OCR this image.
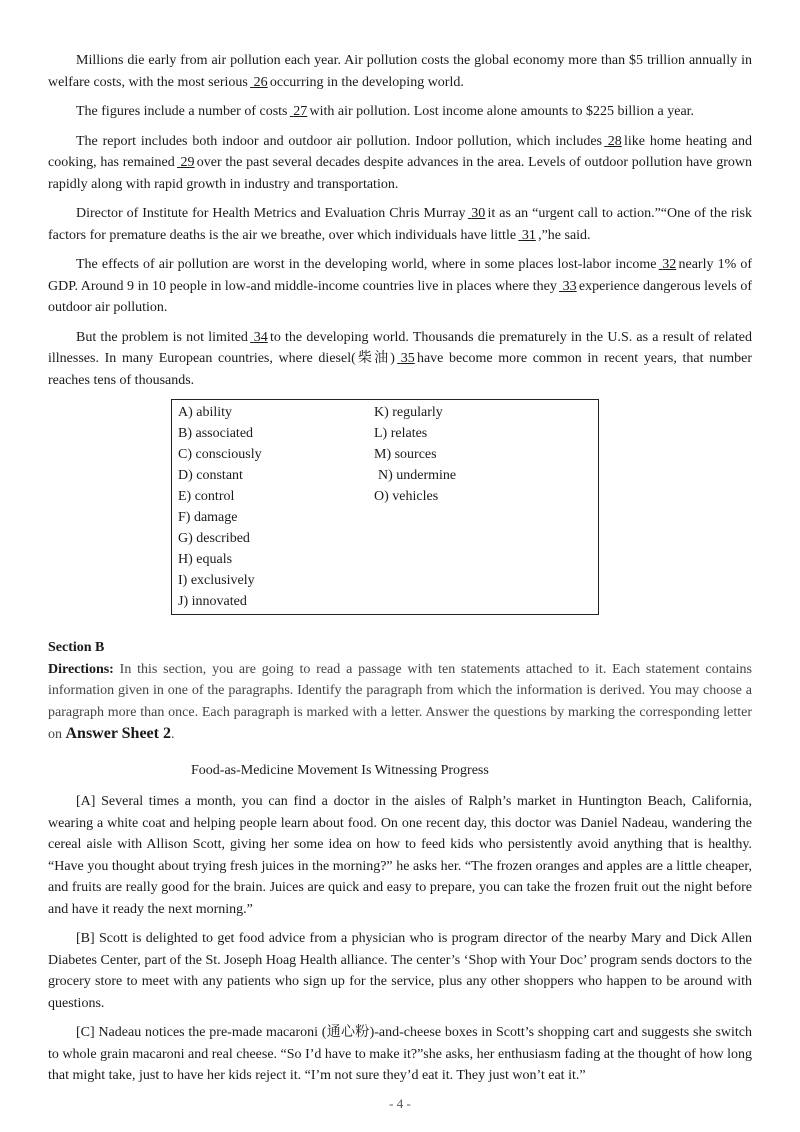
Millions die early from air pollution each year. Air pollution costs the global economy more than $5 trillion annually in welfare costs, with the most serious 26 occurring in the developing world.

The figures include a number of costs 27 with air pollution. Lost income alone amounts to $225 billion a year.

The report includes both indoor and outdoor air pollution. Indoor pollution, which includes 28 like home heating and cooking, has remained 29 over the past several decades despite advances in the area. Levels of outdoor pollution have grown rapidly along with rapid growth in industry and transportation.

Director of Institute for Health Metrics and Evaluation Chris Murray 30 it as an “urgent call to action.”“One of the risk factors for premature deaths is the air we breathe, over which individuals have little 31 ,”he said.

The effects of air pollution are worst in the developing world, where in some places lost-labor income 32 nearly 1% of GDP. Around 9 in 10 people in low-and middle-income countries live in places where they 33 experience dangerous levels of outdoor air pollution.

But the problem is not limited 34 to the developing world. Thousands die prematurely in the U.S. as a result of related illnesses. In many European countries, where diesel(柴油) 35 have become more common in recent years, that number reaches tens of thousands.

A) ability
B) associated
C) consciously
D) constant
E) control
F) damage
G) described
H) equals
I) exclusively
J) innovated
K) regularly
L) relates
M) sources
N) undermine
O) vehicles

Section B

Directions: In this section, you are going to read a passage with ten statements attached to it. Each statement contains information given in one of the paragraphs. Identify the paragraph from which the information is derived. You may choose a paragraph more than once. Each paragraph is marked with a letter. Answer the questions by marking the corresponding letter on Answer Sheet 2.

Food-as-Medicine Movement Is Witnessing Progress

[A] Several times a month, you can find a doctor in the aisles of Ralph’s market in Huntington Beach, California, wearing a white coat and helping people learn about food. On one recent day, this doctor was Daniel Nadeau, wandering the cereal aisle with Allison Scott, giving her some idea on how to feed kids who persistently avoid anything that is healthy. “Have you thought about trying fresh juices in the morning?” he asks her. “The frozen oranges and apples are a little cheaper, and fruits are really good for the brain. Juices are quick and easy to prepare, you can take the frozen fruit out the night before and have it ready the next morning.”

[B] Scott is delighted to get food advice from a physician who is program director of the nearby Mary and Dick Allen Diabetes Center, part of the St. Joseph Hoag Health alliance. The center’s ‘Shop with Your Doc’ program sends doctors to the grocery store to meet with any patients who sign up for the service, plus any other shoppers who happen to be around with questions.

[C] Nadeau notices the pre-made macaroni (通心粉)-and-cheese boxes in Scott’s shopping cart and suggests she switch to whole grain macaroni and real cheese. “So I’d have to make it?”she asks, her enthusiasm fading at the thought of how long that might take, just to have her kids reject it. “I’m not sure they’d eat it. They just won’t eat it.”

- 4 -
